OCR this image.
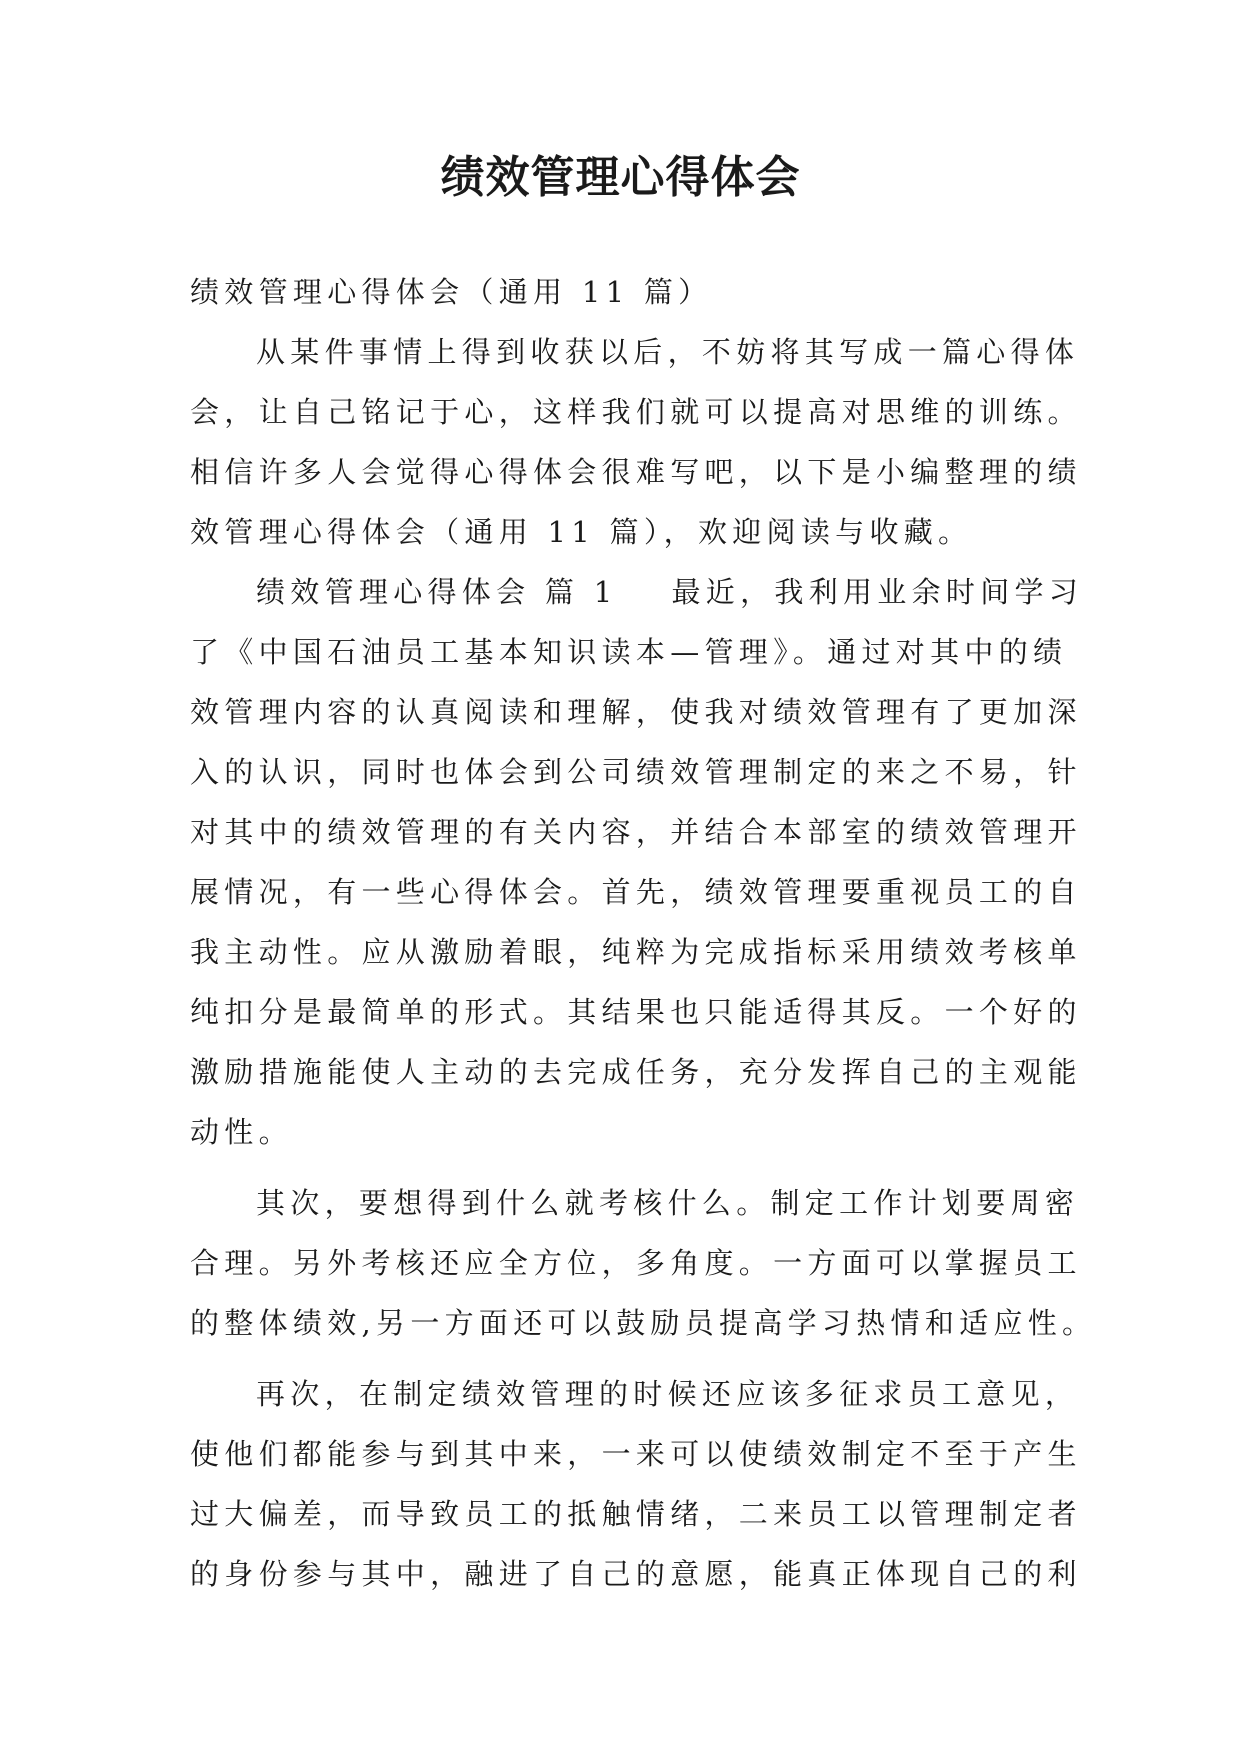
绩效管理心得体会
绩效管理心得体会（通用 11 篇）
从某件事情上得到收获以后，不妨将其写成一篇心得体
会，让自己铭记于心，这样我们就可以提高对思维的训练。
相信许多人会觉得心得体会很难写吧，以下是小编整理的绩
效管理心得体会（通用 11 篇），欢迎阅读与收藏。
绩效管理心得体会 篇 1 最近，我利用业余时间学习
了《中国石油员工基本知识读本—管理》。通过对其中的绩
效管理内容的认真阅读和理解，使我对绩效管理有了更加深
入的认识，同时也体会到公司绩效管理制定的来之不易，针
对其中的绩效管理的有关内容，并结合本部室的绩效管理开
展情况，有一些心得体会。首先，绩效管理要重视员工的自
我主动性。应从激励着眼，纯粹为完成指标采用绩效考核单
纯扣分是最简单的形式。其结果也只能适得其反。一个好的
激励措施能使人主动的去完成任务，充分发挥自己的主观能
动性。
其次，要想得到什么就考核什么。制定工作计划要周密
合理。另外考核还应全方位，多角度。一方面可以掌握员工
的整体绩效,另一方面还可以鼓励员提高学习热情和适应性。
再次，在制定绩效管理的时候还应该多征求员工意见，
使他们都能参与到其中来，一来可以使绩效制定不至于产生
过大偏差，而导致员工的抵触情绪，二来员工以管理制定者
的身份参与其中，融进了自己的意愿，能真正体现自己的利
